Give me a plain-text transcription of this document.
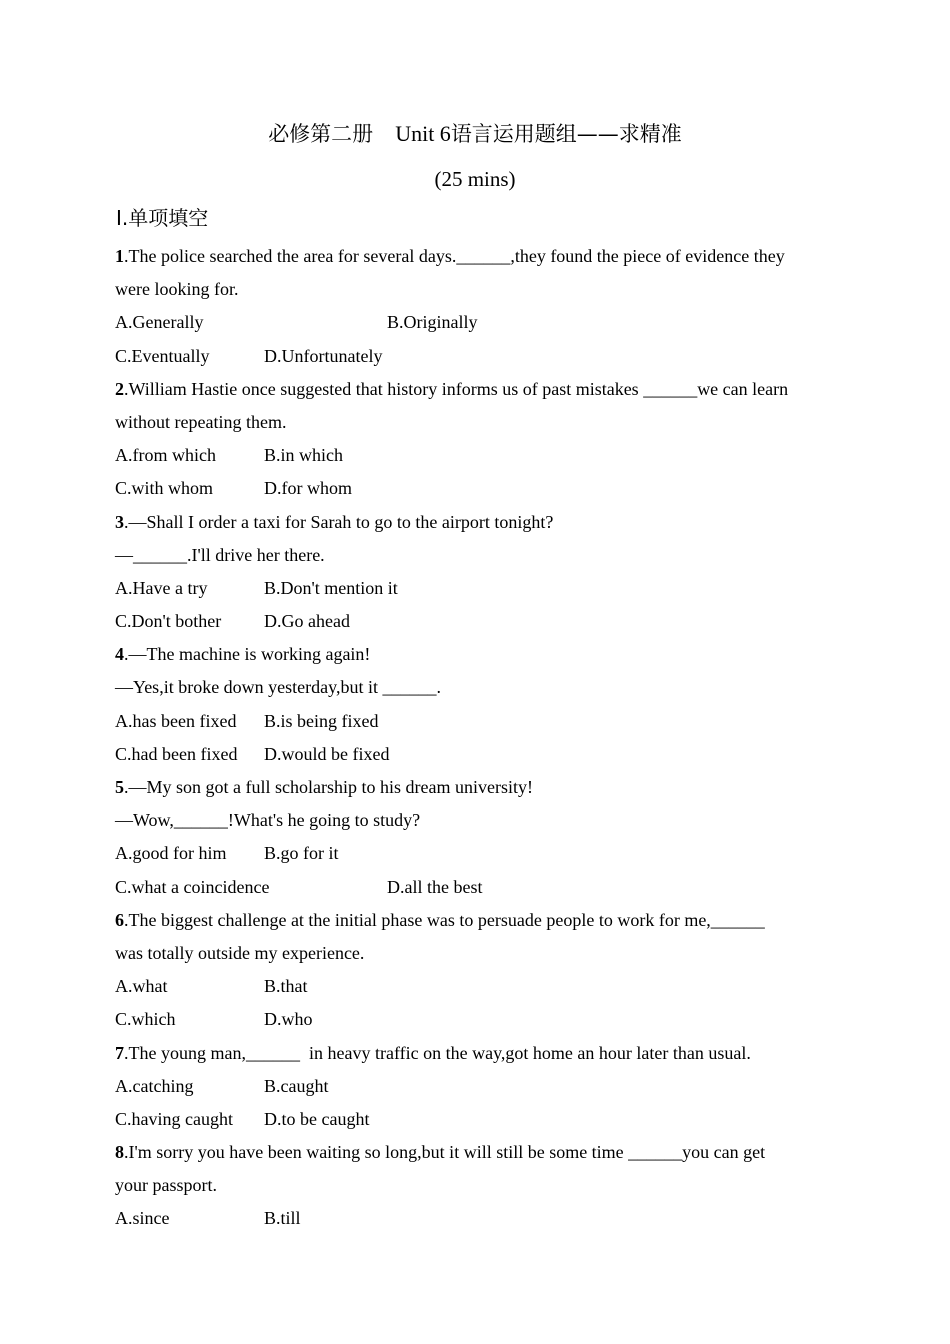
必修第二册 Unit 6语言运用题组——求精准
(25 mins)
Ⅰ.单项填空
1.The police searched the area for several days.______,they found the piece of evidence they
were looking for.
A.Generally	B.Originally
C.Eventually	D.Unfortunately
2.William Hastie once suggested that history informs us of past mistakes ______we can learn
without repeating them.
A.from which	B.in which
C.with whom	D.for whom
3.—Shall I order a taxi for Sarah to go to the airport tonight?
—______.I'll drive her there.
A.Have a try	B.Don't mention it
C.Don't bother D.Go ahead
4.—The machine is working again!
—Yes,it broke down yesterday,but it ______.
A.has been fixed B.is being fixed
C.had been fixed D.would be fixed
5.—My son got a full scholarship to his dream university!
—Wow,______!What's he going to study?
A.good for him B.go for it
C.what a coincidence	D.all the best
6.The biggest challenge at the initial phase was to persuade people to work for me,______
was totally outside my experience.
A.what	B.that
C.which	D.who
7.The young man,______  in heavy traffic on the way,got home an hour later than usual.
A.catching	B.caught
C.having caught D.to be caught
8.I'm sorry you have been waiting so long,but it will still be some time ______you can get
your passport.
A.since	B.till
